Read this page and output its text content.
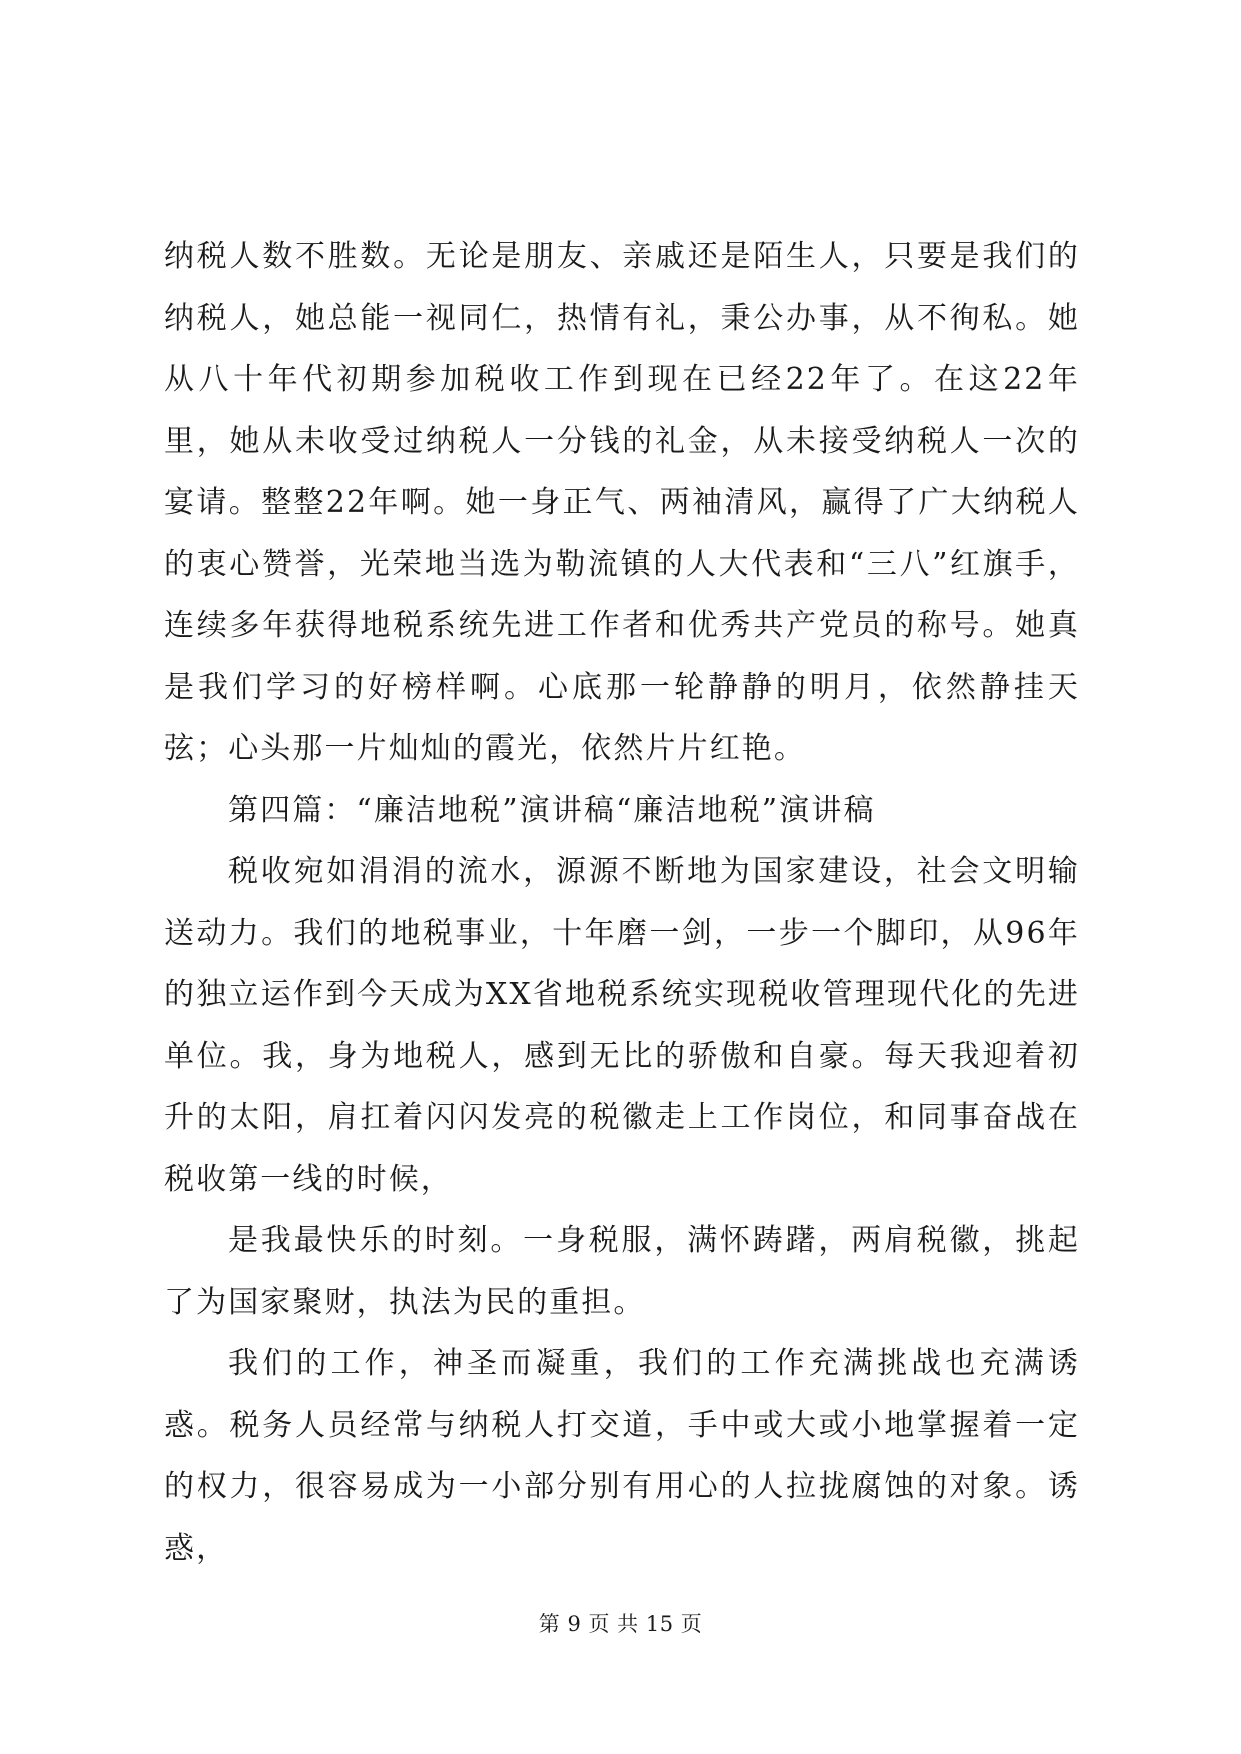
纳税人数不胜数。无论是朋友、亲戚还是陌生人，只要是我们的纳税人，她总能一视同仁，热情有礼，秉公办事，从不徇私。她从八十年代初期参加税收工作到现在已经22年了。在这22年里，她从未收受过纳税人一分钱的礼金，从未接受纳税人一次的宴请。整整22年啊。她一身正气、两袖清风，赢得了广大纳税人的衷心赞誉，光荣地当选为勒流镇的人大代表和“三八”红旗手，连续多年获得地税系统先进工作者和优秀共产党员的称号。她真是我们学习的好榜样啊。心底那一轮静静的明月，依然静挂天弦；心头那一片灿灿的霞光，依然片片红艳。

第四篇：“廉洁地税”演讲稿“廉洁地税”演讲稿

税收宛如涓涓的流水，源源不断地为国家建设，社会文明输送动力。我们的地税事业，十年磨一剑，一步一个脚印，从96年的独立运作到今天成为XX省地税系统实现税收管理现代化的先进单位。我，身为地税人，感到无比的骄傲和自豪。每天我迎着初升的太阳，肩扛着闪闪发亮的税徽走上工作岗位，和同事奋战在税收第一线的时候，

是我最快乐的时刻。一身税服，满怀踌躇，两肩税徽，挑起了为国家聚财，执法为民的重担。

我们的工作，神圣而凝重，我们的工作充满挑战也充满诱惑。税务人员经常与纳税人打交道，手中或大或小地掌握着一定的权力，很容易成为一小部分别有用心的人拉拢腐蚀的对象。诱惑，

第 9 页 共 15 页
